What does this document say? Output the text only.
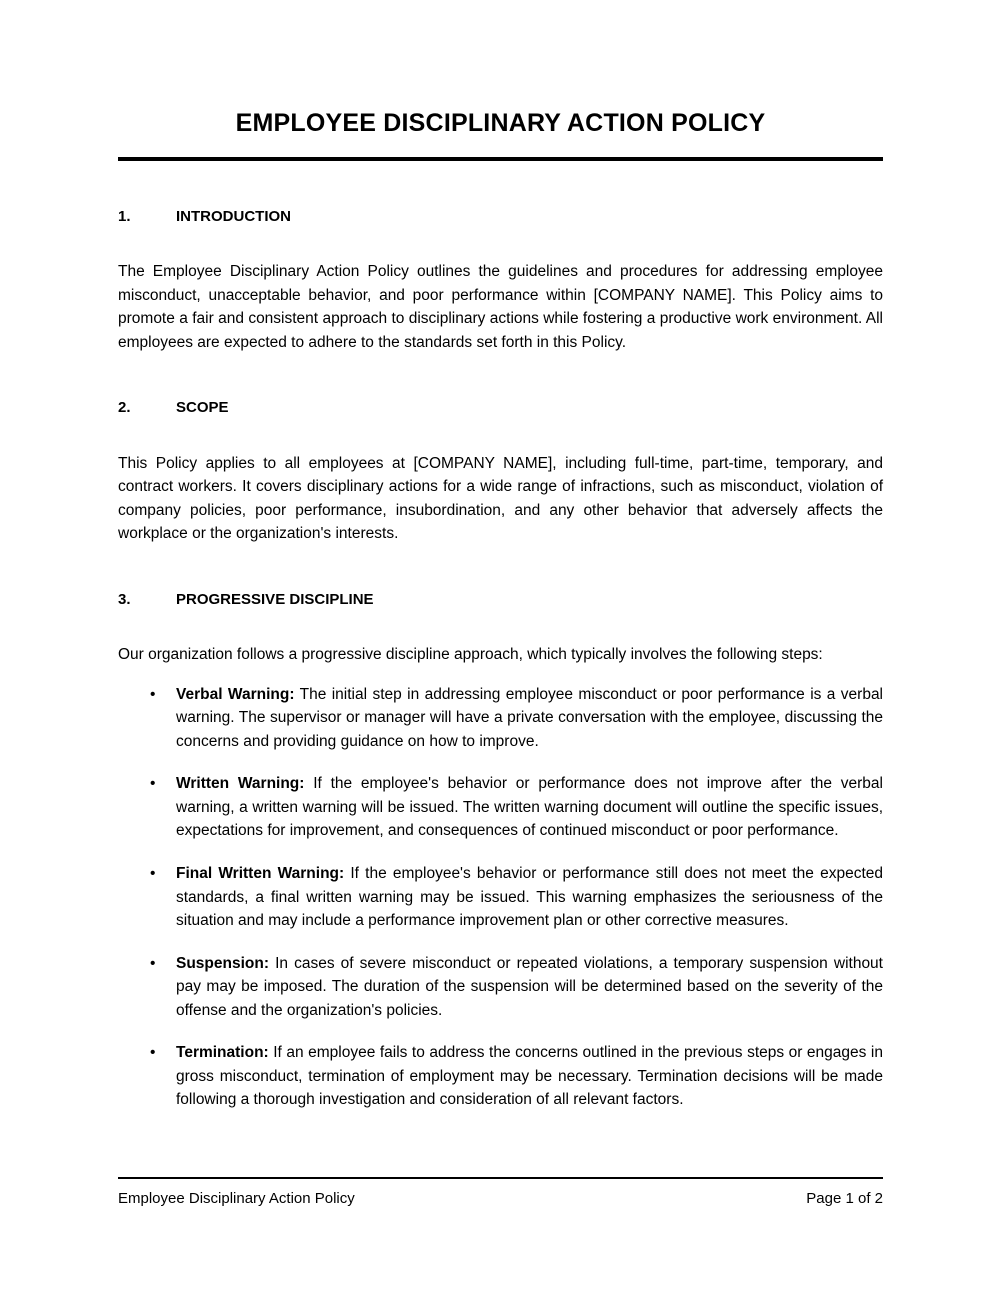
EMPLOYEE DISCIPLINARY ACTION POLICY
1.	INTRODUCTION

The Employee Disciplinary Action Policy outlines the guidelines and procedures for addressing employee misconduct, unacceptable behavior, and poor performance within [COMPANY NAME]. This Policy aims to promote a fair and consistent approach to disciplinary actions while fostering a productive work environment. All employees are expected to adhere to the standards set forth in this Policy.

2.	SCOPE

This Policy applies to all employees at [COMPANY NAME], including full-time, part-time, temporary, and contract workers. It covers disciplinary actions for a wide range of infractions, such as misconduct, violation of company policies, poor performance, insubordination, and any other behavior that adversely affects the workplace or the organization's interests.

3.	PROGRESSIVE DISCIPLINE

Our organization follows a progressive discipline approach, which typically involves the following steps:

• Verbal Warning: The initial step in addressing employee misconduct or poor performance is a verbal warning. The supervisor or manager will have a private conversation with the employee, discussing the concerns and providing guidance on how to improve.
• Written Warning: If the employee's behavior or performance does not improve after the verbal warning, a written warning will be issued. The written warning document will outline the specific issues, expectations for improvement, and consequences of continued misconduct or poor performance.
• Final Written Warning: If the employee's behavior or performance still does not meet the expected standards, a final written warning may be issued. This warning emphasizes the seriousness of the situation and may include a performance improvement plan or other corrective measures.
• Suspension: In cases of severe misconduct or repeated violations, a temporary suspension without pay may be imposed. The duration of the suspension will be determined based on the severity of the offense and the organization's policies.
• Termination: If an employee fails to address the concerns outlined in the previous steps or engages in gross misconduct, termination of employment may be necessary. Termination decisions will be made following a thorough investigation and consideration of all relevant factors.
Employee Disciplinary Action Policy	Page 1 of 2
